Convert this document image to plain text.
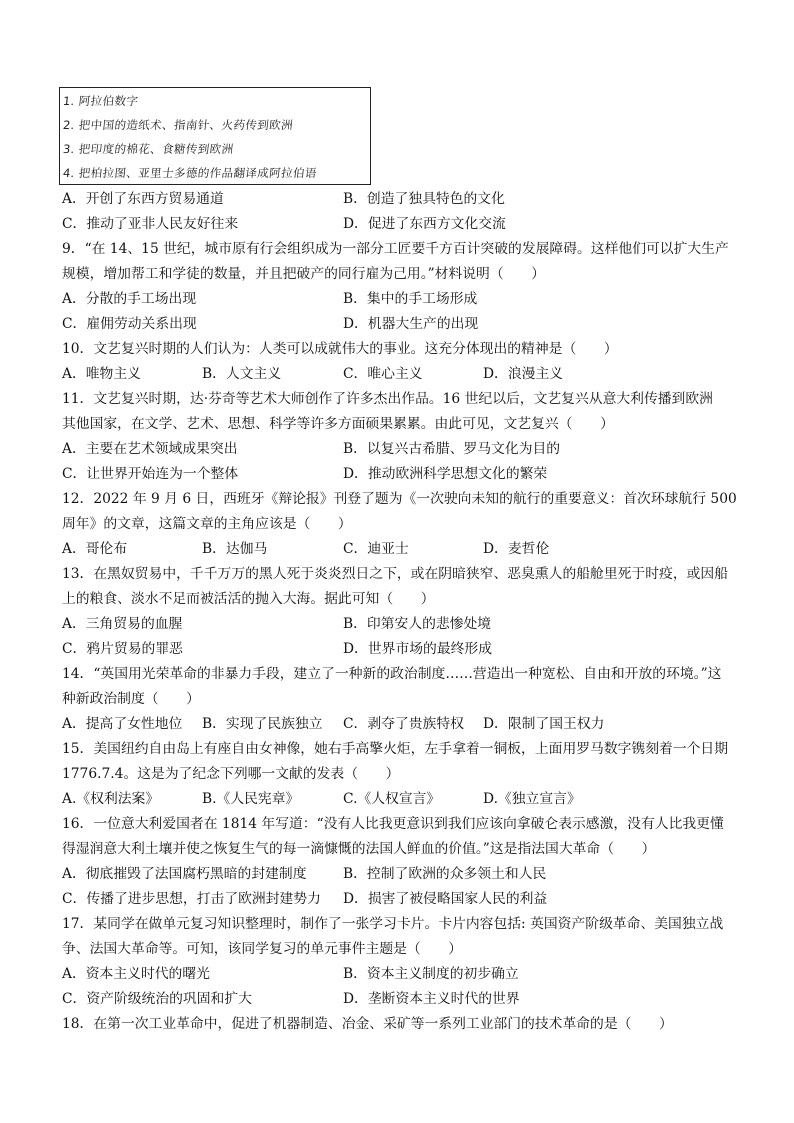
1. 阿拉伯数字
2. 把中国的造纸术、指南针、火药传到欧洲
3. 把印度的棉花、食糖传到欧洲
4. 把柏拉图、亚里士多德的作品翻译成阿拉伯语
A．开创了东西方贸易通道	B．创造了独具特色的文化
C．推动了亚非人民友好往来	D．促进了东西方文化交流
9．“在 14、15 世纪，城市原有行会组织成为一部分工匠要千方百计突破的发展障碍。这样他们可以扩大生产
规模，增加帮工和学徒的数量，并且把破产的同行雇为己用。”材料说明（　　）
A．分散的手工场出现	B．集中的手工场形成
C．雇佣劳动关系出现	D．机器大生产的出现
10．文艺复兴时期的人们认为：人类可以成就伟大的事业。这充分体现出的精神是（　　）
A．唯物主义	B．人文主义	C．唯心主义	D．浪漫主义
11．文艺复兴时期，达·芬奇等艺术大师创作了许多杰出作品。16 世纪以后，文艺复兴从意大利传播到欧洲
其他国家，在文学、艺术、思想、科学等许多方面硕果累累。由此可见，文艺复兴（　　）
A．主要在艺术领域成果突出	B．以复兴古希腊、罗马文化为目的
C．让世界开始连为一个整体	D．推动欧洲科学思想文化的繁荣
12．2022 年 9 月 6 日，西班牙《辩论报》刊登了题为《一次驶向未知的航行的重要意义：首次环球航行 500
周年》的文章，这篇文章的主角应该是（　　）
A．哥伦布	B．达伽马	C．迪亚士	D．麦哲伦
13．在黑奴贸易中，千千万万的黑人死于炎炎烈日之下，或在阴暗狭窄、恶臭熏人的船舱里死于时疫，或因船
上的粮食、淡水不足而被活活的抛入大海。据此可知（　　）
A．三角贸易的血腥	B．印第安人的悲惨处境
C．鸦片贸易的罪恶	D．世界市场的最终形成
14．“英国用光荣革命的非暴力手段，建立了一种新的政治制度……营造出一种宽松、自由和开放的环境。”这
种新政治制度（　　）
A．提高了女性地位 B．实现了民族独立 C．剥夺了贵族特权 D．限制了国王权力
15．美国纽约自由岛上有座自由女神像，她右手高擎火炬，左手拿着一铜板，上面用罗马数字镌刻着一个日期
1776.7.4。这是为了纪念下列哪一文献的发表（　　）
A.《权利法案》	B.《人民宪章》	C.《人权宣言》	D.《独立宣言》
16．一位意大利爱国者在 1814 年写道：“没有人比我更意识到我们应该向拿破仑表示感激，没有人比我更懂
得湿润意大利土壤并使之恢复生气的每一滴慷慨的法国人鲜血的价值。”这是指法国大革命（　　）
A．彻底摧毁了法国腐朽黑暗的封建制度	B．控制了欧洲的众多领土和人民
C．传播了进步思想，打击了欧洲封建势力 D．损害了被侵略国家人民的利益
17．某同学在做单元复习知识整理时，制作了一张学习卡片。卡片内容包括: 英国资产阶级革命、美国独立战
争、法国大革命等。可知，该同学复习的单元事件主题是（　　）
A．资本主义时代的曙光	B．资本主义制度的初步确立
C．资产阶级统治的巩固和扩大	D．垄断资本主义时代的世界
18．在第一次工业革命中，促进了机器制造、冶金、采矿等一系列工业部门的技术革命的是（　　）
